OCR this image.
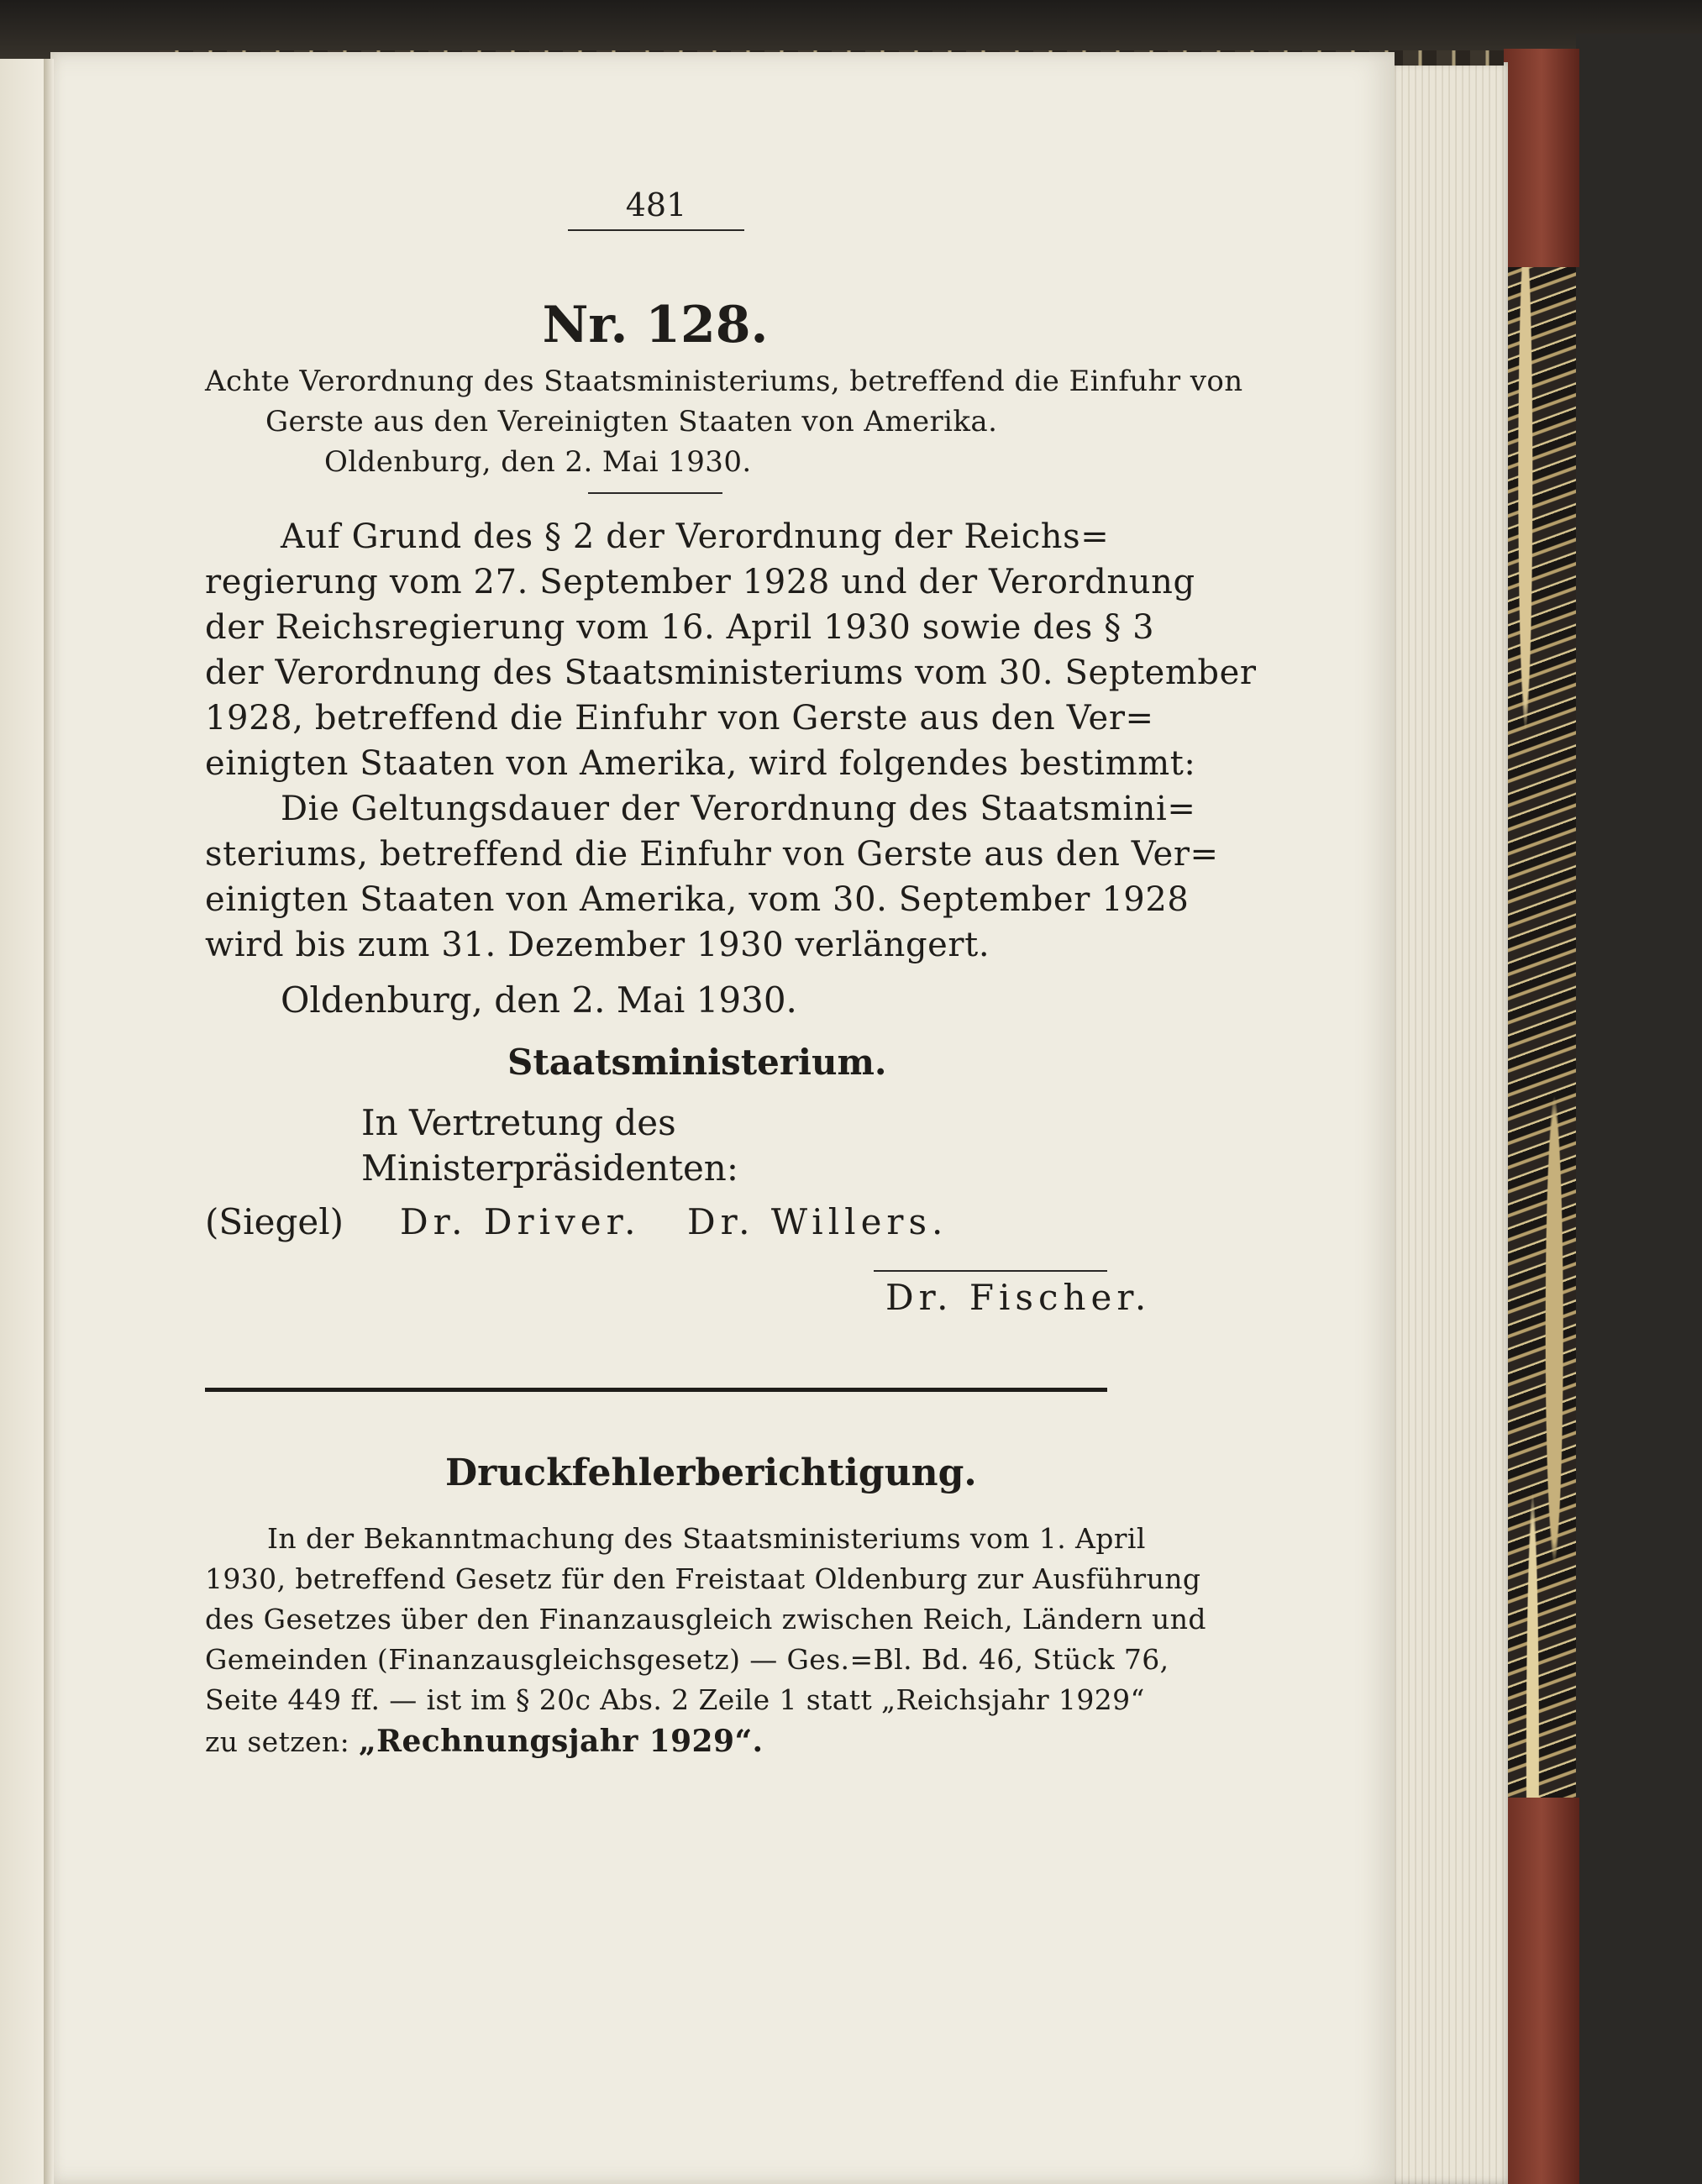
481
Nr. 128.
Achte Verordnung des Staatsministeriums, betreffend die Einfuhr von
Gerste aus den Vereinigten Staaten von Amerika.
Oldenburg, den 2. Mai 1930.
Auf Grund des § 2 der Verordnung der Reichs=
regierung vom 27. September 1928 und der Verordnung
der Reichsregierung vom 16. April 1930 sowie des § 3
der Verordnung des Staatsministeriums vom 30. September
1928, betreffend die Einfuhr von Gerste aus den Ver=
einigten Staaten von Amerika, wird folgendes bestimmt:
Die Geltungsdauer der Verordnung des Staatsmini=
steriums, betreffend die Einfuhr von Gerste aus den Ver=
einigten Staaten von Amerika, vom 30. September 1928
wird bis zum 31. Dezember 1930 verlängert.
Oldenburg, den 2. Mai 1930.
Staatsministerium.
In Vertretung des
Ministerpräsidenten:
(Siegel) Dr. Driver. Dr. Willers.
Dr. Fischer.
Druckfehlerberichtigung.
In der Bekanntmachung des Staatsministeriums vom 1. April
1930, betreffend Gesetz für den Freistaat Oldenburg zur Ausführung
des Gesetzes über den Finanzausgleich zwischen Reich, Ländern und
Gemeinden (Finanzausgleichsgesetz) — Ges.=Bl. Bd. 46, Stück 76,
Seite 449 ff. — ist im § 20c Abs. 2 Zeile 1 statt „Reichsjahr 1929“
zu setzen: „Rechnungsjahr 1929“.
